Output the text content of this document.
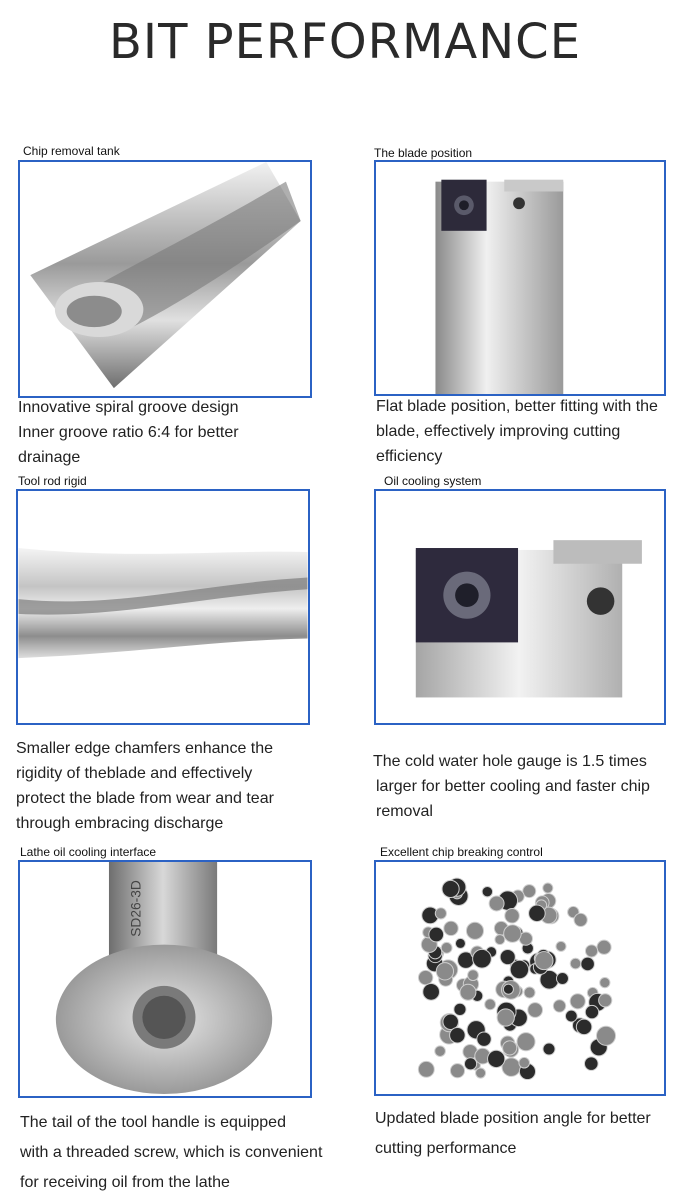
BIT PERFORMANCE
Chip removal tank
Innovative spiral groove design
Inner groove ratio 6:4 for better
drainage
The blade position
Flat blade position, better fitting with the
blade, effectively improving cutting
efficiency
Tool rod rigid
Smaller edge chamfers enhance the
rigidity of theblade and effectively
protect the blade from wear and tear
through embracing discharge
Oil cooling system
The cold water hole gauge is 1.5 times
larger for better cooling and faster chip
removal
Lathe oil cooling interface
SD26-3D
The tail of the tool handle is equipped
with a threaded screw, which is convenient
for receiving oil from the lathe
Excellent chip breaking control
Updated blade position angle for better
cutting performance
